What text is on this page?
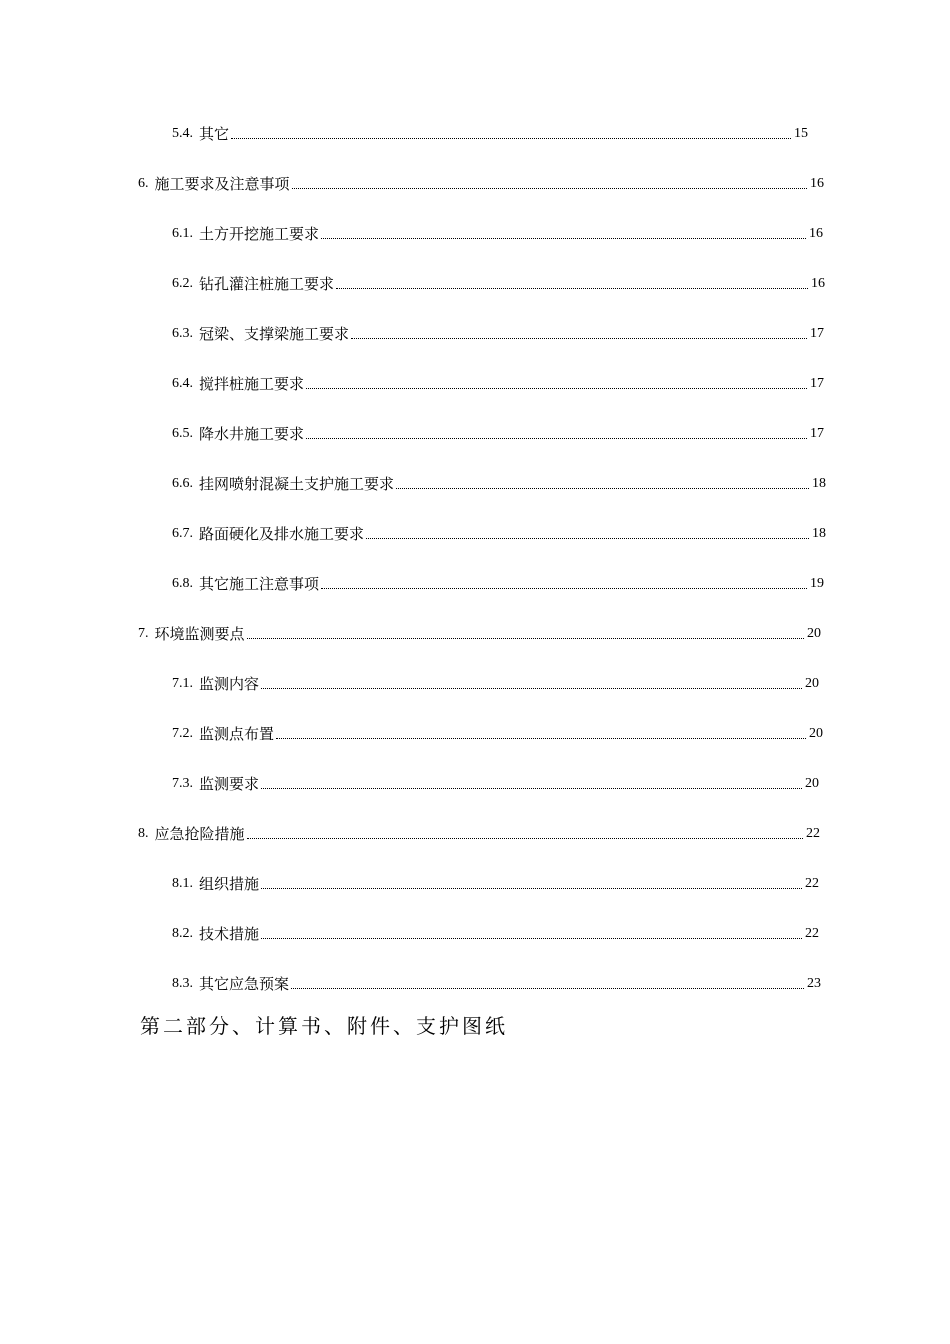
5.4. 其它	15
6. 施工要求及注意事项	16
6.1. 土方开挖施工要求	16
6.2. 钻孔灌注桩施工要求	16
6.3. 冠梁、支撑梁施工要求	17
6.4. 搅拌桩施工要求	17
6.5. 降水井施工要求	17
6.6. 挂网喷射混凝土支护施工要求	18
6.7. 路面硬化及排水施工要求	18
6.8. 其它施工注意事项	19
7. 环境监测要点	20
7.1. 监测内容	20
7.2. 监测点布置	20
7.3. 监测要求	20
8. 应急抢险措施	22
8.1. 组织措施	22
8.2. 技术措施	22
8.3. 其它应急预案	23
第二部分、计算书、附件、支护图纸
